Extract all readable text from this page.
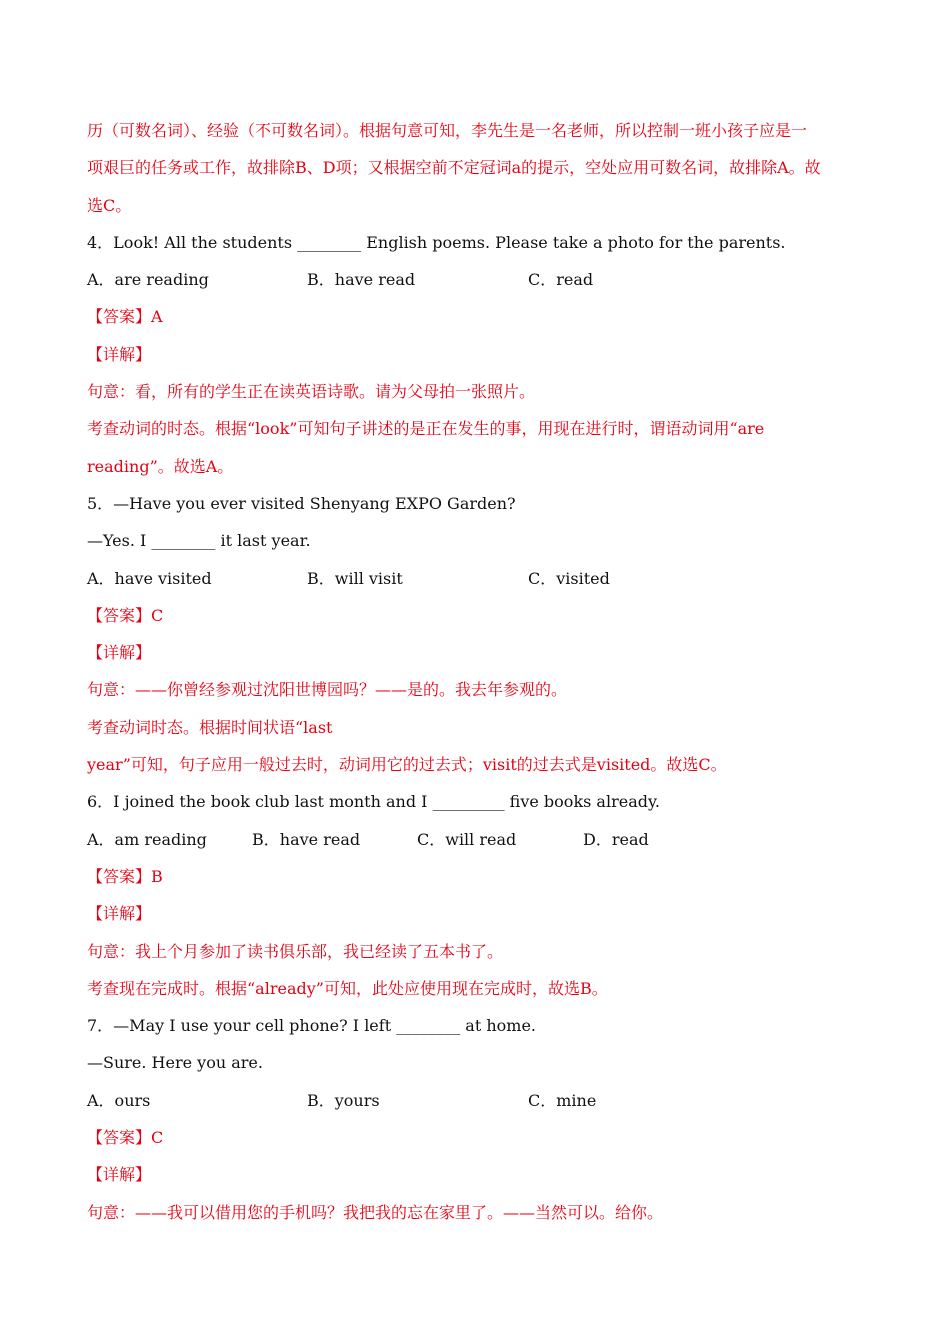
历（可数名词）、经验（不可数名词）。根据句意可知，李先生是一名老师，所以控制一班小孩子应是一
项艰巨的任务或工作，故排除B、D项；又根据空前不定冠词a的提示，空处应用可数名词，故排除A。故
选C。
4．Look! All the students ________ English poems. Please take a photo for the parents.
A．are reading	B．have read	C．read
【答案】A
【详解】
句意：看，所有的学生正在读英语诗歌。请为父母拍一张照片。
考查动词的时态。根据“look”可知句子讲述的是正在发生的事，用现在进行时，谓语动词用“are
reading”。故选A。
5．—Have you ever visited Shenyang EXPO Garden?
—Yes. I ________ it last year.
A．have visited	B．will visit	C．visited
【答案】C
【详解】
句意：——你曾经参观过沈阳世博园吗？——是的。我去年参观的。
考查动词时态。根据时间状语“last
year”可知，句子应用一般过去时，动词用它的过去式；visit的过去式是visited。故选C。
6．I joined the book club last month and I _________ five books already.
A．am reading	B．have read	C．will read	D．read
【答案】B
【详解】
句意：我上个月参加了读书俱乐部，我已经读了五本书了。
考查现在完成时。根据“already”可知，此处应使用现在完成时，故选B。
7．—May I use your cell phone? I left ________ at home.
—Sure. Here you are.
A．ours	B．yours	C．mine
【答案】C
【详解】
句意：——我可以借用您的手机吗？我把我的忘在家里了。——当然可以。给你。
